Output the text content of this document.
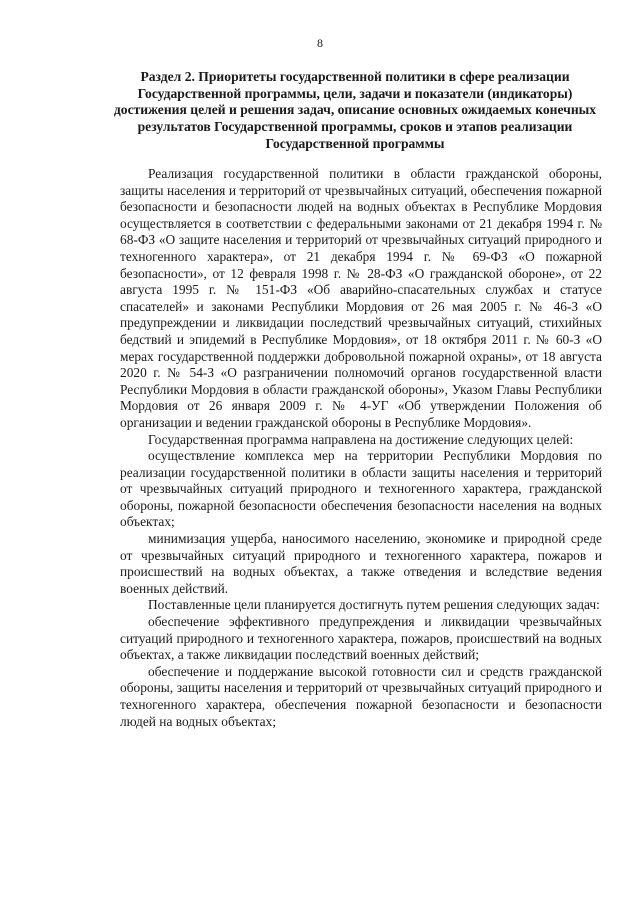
8
Раздел 2. Приоритеты государственной политики в сфере реализации Государственной программы, цели, задачи и показатели (индикаторы) достижения целей и решения задач, описание основных ожидаемых конечных результатов Государственной программы, сроков и этапов реализации Государственной программы

Реализация государственной политики в области гражданской обороны, защиты населения и территорий от чрезвычайных ситуаций, обеспечения пожарной безопасности и безопасности людей на водных объектах в Республике Мордовия осуществляется в соответствии с федеральными законами от 21 декабря 1994 г. № 68-ФЗ «О защите населения и территорий от чрезвычайных ситуаций природного и техногенного характера», от 21 декабря 1994 г. № 69-ФЗ «О пожарной безопасности», от 12 февраля 1998 г. № 28-ФЗ «О гражданской обороне», от 22 августа 1995 г. № 151-ФЗ «Об аварийно-спасательных службах и статусе спасателей» и законами Республики Мордовия от 26 мая 2005 г. № 46-З «О предупреждении и ликвидации последствий чрезвычайных ситуаций, стихийных бедствий и эпидемий в Республике Мордовия», от 18 октября 2011 г. № 60-З «О мерах государственной поддержки добровольной пожарной охраны», от 18 августа 2020 г. № 54-З «О разграничении полномочий органов государственной власти Республики Мордовия в области гражданской обороны», Указом Главы Республики Мордовия от 26 января 2009 г. № 4-УГ «Об утверждении Положения об организации и ведении гражданской обороны в Республике Мордовия».

Государственная программа направлена на достижение следующих целей:

осуществление комплекса мер на территории Республики Мордовия по реализации государственной политики в области защиты населения и территорий от чрезвычайных ситуаций природного и техногенного характера, гражданской обороны, пожарной безопасности обеспечения безопасности населения на водных объектах;

минимизация ущерба, наносимого населению, экономике и природной среде от чрезвычайных ситуаций природного и техногенного характера, пожаров и происшествий на водных объектах, а также отведения и вследствие ведения военных действий.

Поставленные цели планируется достигнуть путем решения следующих задач:

обеспечение эффективного предупреждения и ликвидации чрезвычайных ситуаций природного и техногенного характера, пожаров, происшествий на водных объектах, а также ликвидации последствий военных действий;

обеспечение и поддержание высокой готовности сил и средств гражданской обороны, защиты населения и территорий от чрезвычайных ситуаций природного и техногенного характера, обеспечения пожарной безопасности и безопасности людей на водных объектах;
